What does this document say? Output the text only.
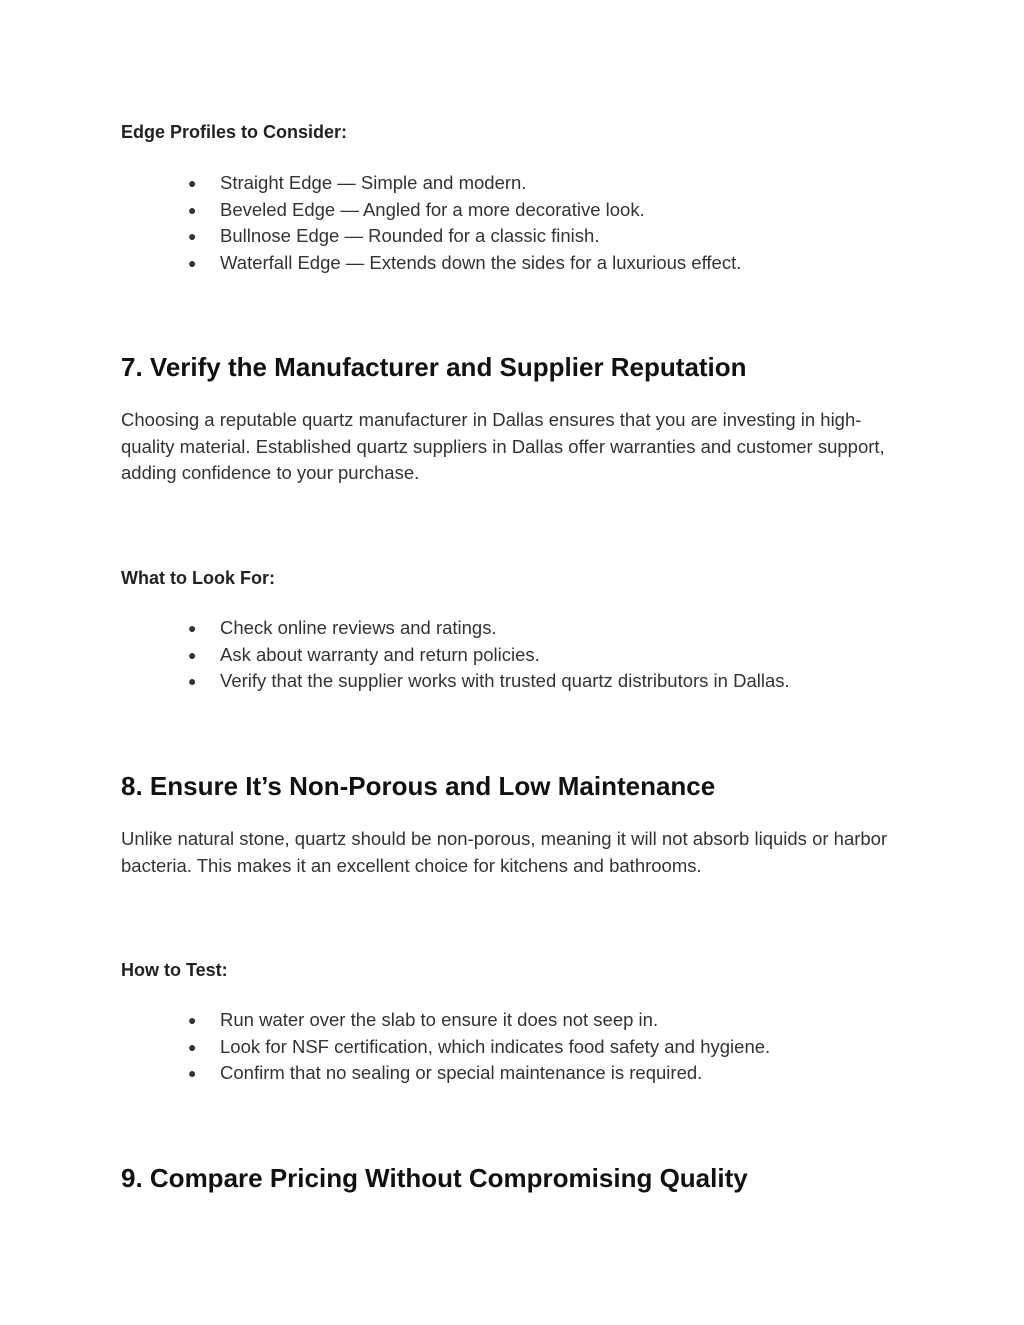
Edge Profiles to Consider:

● Straight Edge — Simple and modern.
● Beveled Edge — Angled for a more decorative look.
● Bullnose Edge — Rounded for a classic finish.
● Waterfall Edge — Extends down the sides for a luxurious effect.
7. Verify the Manufacturer and Supplier Reputation

Choosing a reputable quartz manufacturer in Dallas ensures that you are investing in high-quality material. Established quartz suppliers in Dallas offer warranties and customer support, adding confidence to your purchase.

What to Look For:

● Check online reviews and ratings.
● Ask about warranty and return policies.
● Verify that the supplier works with trusted quartz distributors in Dallas.
8. Ensure It’s Non-Porous and Low Maintenance

Unlike natural stone, quartz should be non-porous, meaning it will not absorb liquids or harbor bacteria. This makes it an excellent choice for kitchens and bathrooms.

How to Test:

● Run water over the slab to ensure it does not seep in.
● Look for NSF certification, which indicates food safety and hygiene.
● Confirm that no sealing or special maintenance is required.
9. Compare Pricing Without Compromising Quality
